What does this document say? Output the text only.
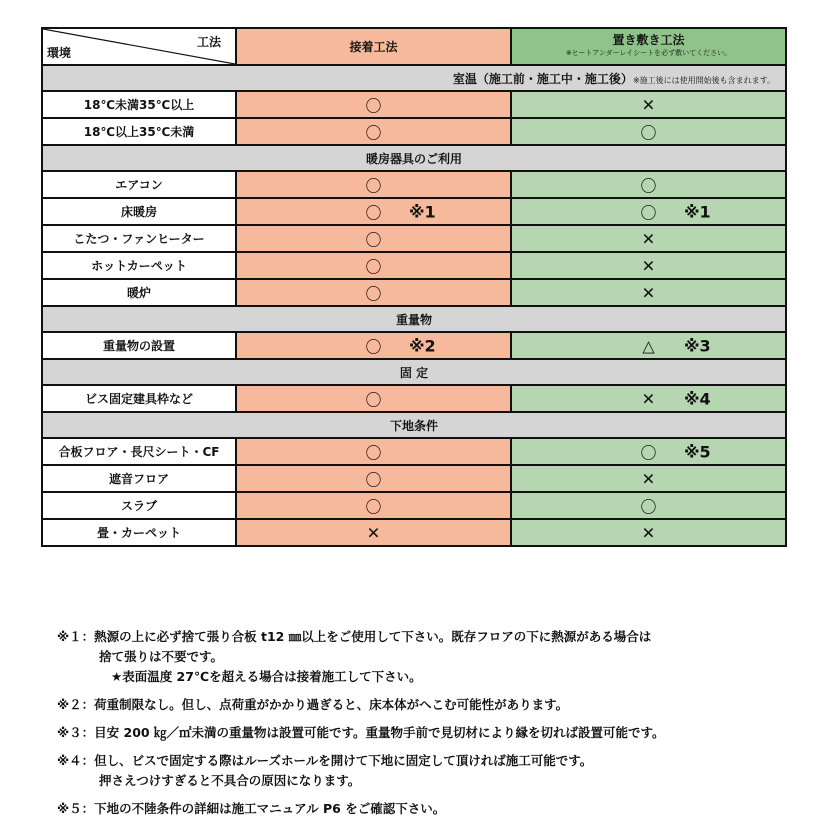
工法
環境	接着工法	置き敷き工法
※ヒートアンダーレイシートを必ず敷いてください。

室温（施工前・施工中・施工後）※施工後には使用開始後も含まれます。		
18℃未満35℃以上	〇	✕

18℃以上35℃未満	〇	〇

暖房器具のご利用		
エアコン	〇	〇

床暖房	〇 ※1	〇 ※1

こたつ・ファンヒーター	〇	✕

ホットカーペット	〇	✕

暖炉	〇	✕

重量物		
重量物の設置	〇 ※2	△ ※3

固 定		
ビス固定建具枠など	〇	✕ ※4

下地条件		
合板フロア・長尺シート・CF	〇	〇 ※5

遮音フロア	〇	✕

スラブ	〇	〇

畳・カーペット	✕	✕
※１：熱源の上に必ず捨て張り合板 t12 ㎜以上をご使用して下さい。既存フロアの下に熱源がある場合は
捨て張りは不要です。
★表面温度 27℃を超える場合は接着施工して下さい。
※２：荷重制限なし。但し、点荷重がかかり過ぎると、床本体がへこむ可能性があります。
※３：目安 200 ㎏／㎡未満の重量物は設置可能です。重量物手前で見切材により縁を切れば設置可能です。
※４：但し、ビスで固定する際はルーズホールを開けて下地に固定して頂ければ施工可能です。
押さえつけすぎると不具合の原因になります。
※５：下地の不陸条件の詳細は施工マニュアル P6 をご確認下さい。
